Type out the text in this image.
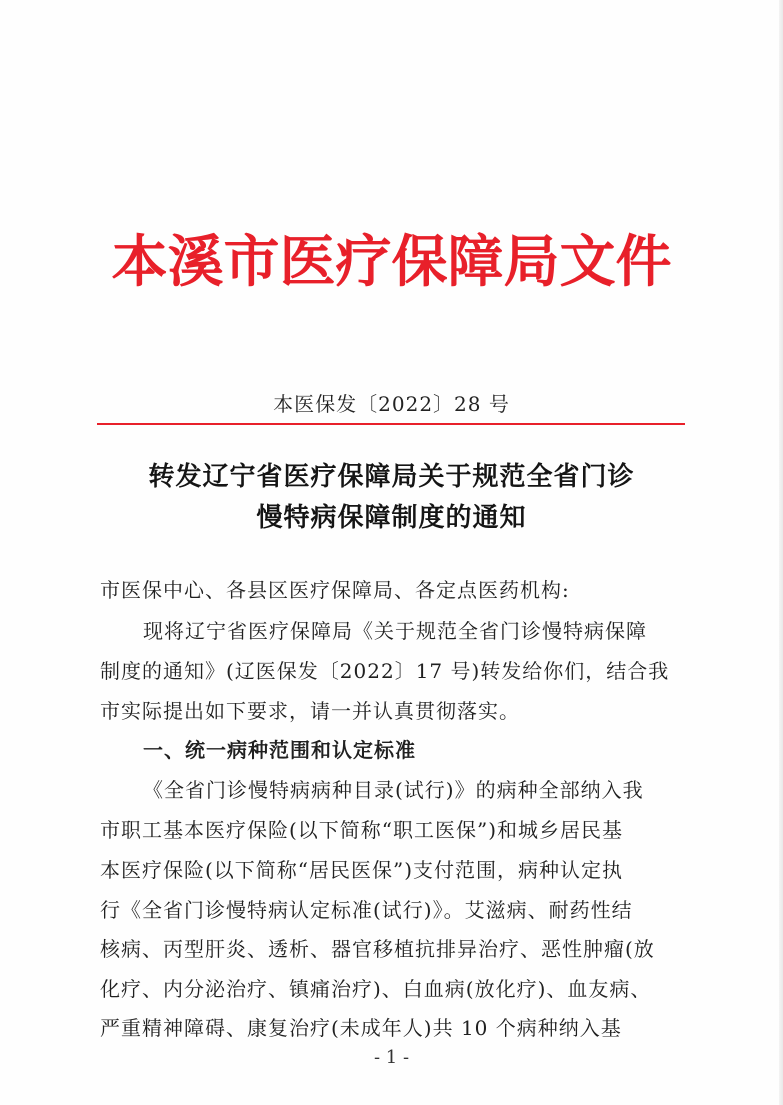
本溪市医疗保障局文件
本医保发〔2022〕28 号
转发辽宁省医疗保障局关于规范全省门诊
慢特病保障制度的通知
市医保中心、各县区医疗保障局、各定点医药机构:
现将辽宁省医疗保障局《关于规范全省门诊慢特病保障
制度的通知》(辽医保发〔2022〕17 号)转发给你们，结合我
市实际提出如下要求，请一并认真贯彻落实。
一、统一病种范围和认定标准
《全省门诊慢特病病种目录(试行)》的病种全部纳入我
市职工基本医疗保险(以下简称“职工医保”)和城乡居民基
本医疗保险(以下简称“居民医保”)支付范围，病种认定执
行《全省门诊慢特病认定标准(试行)》。艾滋病、耐药性结
核病、丙型肝炎、透析、器官移植抗排异治疗、恶性肿瘤(放
化疗、内分泌治疗、镇痛治疗)、白血病(放化疗)、血友病、
严重精神障碍、康复治疗(未成年人)共 10 个病种纳入基
- 1 -
